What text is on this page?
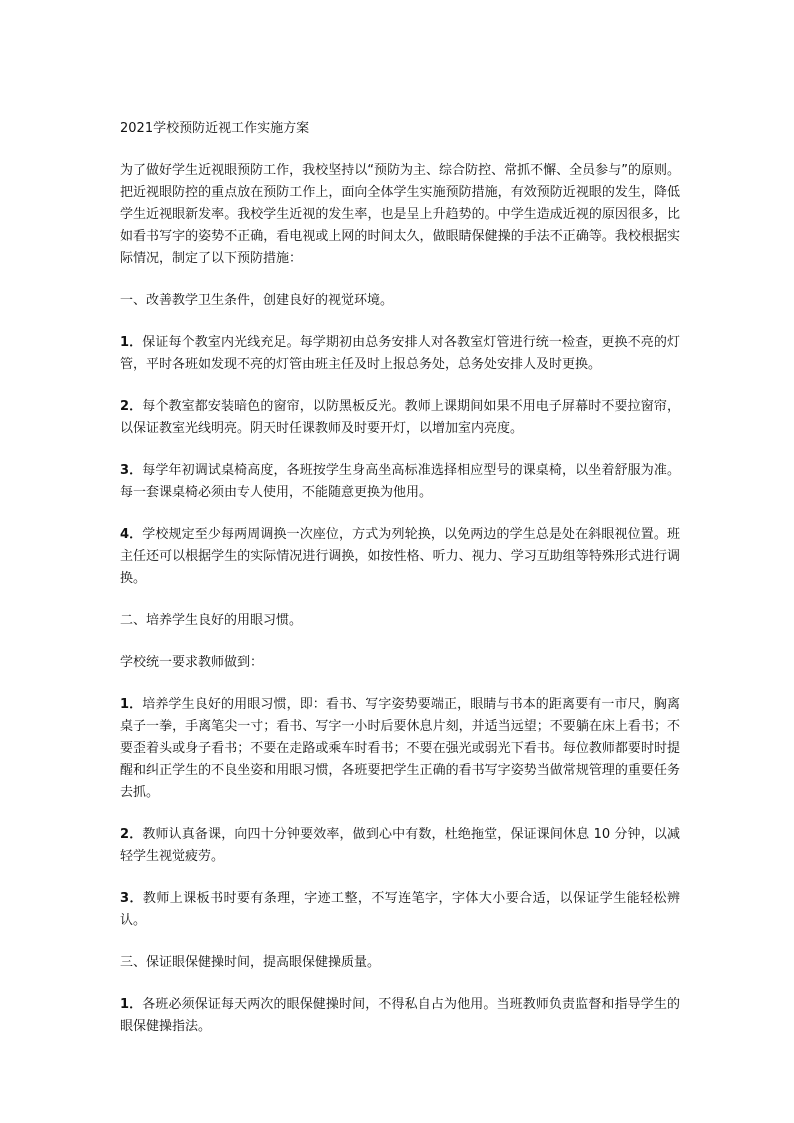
2021学校预防近视工作实施方案

为了做好学生近视眼预防工作，我校坚持以“预防为主、综合防控、常抓不懈、全员参与”的原则。把近视眼防控的重点放在预防工作上，面向全体学生实施预防措施，有效预防近视眼的发生，降低学生近视眼新发率。我校学生近视的发生率，也是呈上升趋势的。中学生造成近视的原因很多，比如看书写字的姿势不正确，看电视或上网的时间太久，做眼睛保健操的手法不正确等。我校根据实际情况，制定了以下预防措施：

一、改善教学卫生条件，创建良好的视觉环境。

1．保证每个教室内光线充足。每学期初由总务安排人对各教室灯管进行统一检查，更换不亮的灯管，平时各班如发现不亮的灯管由班主任及时上报总务处，总务处安排人及时更换。

2．每个教室都安装暗色的窗帘，以防黑板反光。教师上课期间如果不用电子屏幕时不要拉窗帘，以保证教室光线明亮。阴天时任课教师及时要开灯，以增加室内亮度。

3．每学年初调试桌椅高度，各班按学生身高坐高标准选择相应型号的课桌椅，以坐着舒服为准。每一套课桌椅必须由专人使用，不能随意更换为他用。

4．学校规定至少每两周调换一次座位，方式为列轮换，以免两边的学生总是处在斜眼视位置。班主任还可以根据学生的实际情况进行调换，如按性格、听力、视力、学习互助组等特殊形式进行调换。

二、培养学生良好的用眼习惯。

学校统一要求教师做到：

1．培养学生良好的用眼习惯，即：看书、写字姿势要端正，眼睛与书本的距离要有一市尺，胸离桌子一拳，手离笔尖一寸；看书、写字一小时后要休息片刻，并适当远望；不要躺在床上看书；不要歪着头或身子看书；不要在走路或乘车时看书；不要在强光或弱光下看书。每位教师都要时时提醒和纠正学生的不良坐姿和用眼习惯，各班要把学生正确的看书写字姿势当做常规管理的重要任务去抓。

2．教师认真备课，向四十分钟要效率，做到心中有数，杜绝拖堂，保证课间休息 10 分钟，以减轻学生视觉疲劳。

3．教师上课板书时要有条理，字迹工整，不写连笔字，字体大小要合适，以保证学生能轻松辨认。

三、保证眼保健操时间，提高眼保健操质量。

1．各班必须保证每天两次的眼保健操时间，不得私自占为他用。当班教师负责监督和指导学生的眼保健操指法。
